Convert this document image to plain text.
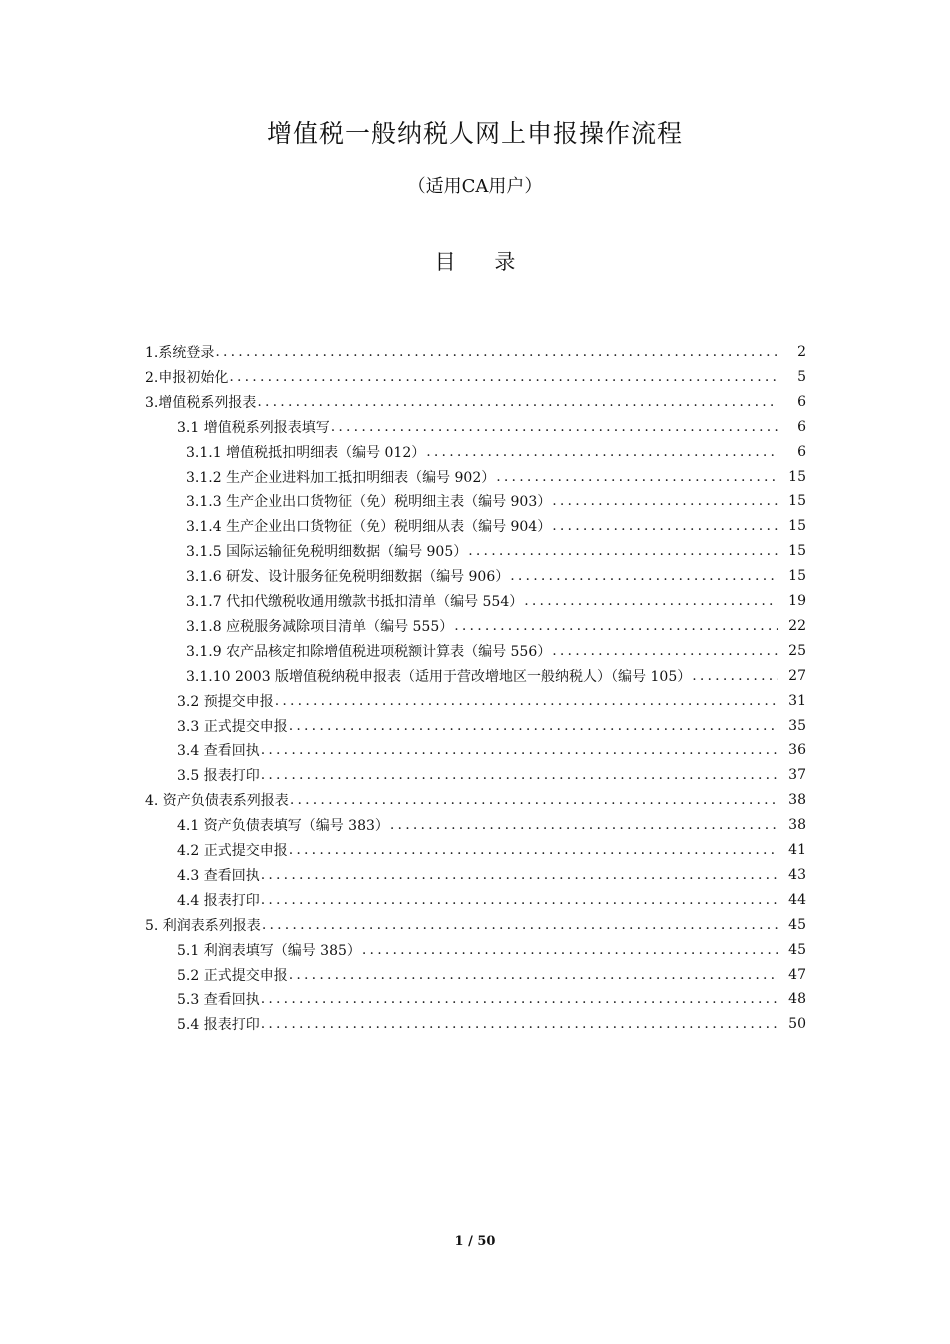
增值税一般纳税人网上申报操作流程
（适用CA用户）
目 录
1.系统登录 .....	2
2.申报初始化 .....	5
3.增值税系列报表 .....	6
3.1 增值税系列报表填写 .....	6
3.1.1 增值税抵扣明细表（编号 012） .....	6
3.1.2 生产企业进料加工抵扣明细表（编号 902） .....	15
3.1.3 生产企业出口货物征（免）税明细主表（编号 903） .....	15
3.1.4 生产企业出口货物征（免）税明细从表（编号 904） .....	15
3.1.5 国际运输征免税明细数据（编号 905） .....	15
3.1.6 研发、设计服务征免税明细数据（编号 906） .....	15
3.1.7 代扣代缴税收通用缴款书抵扣清单（编号 554） .....	19
3.1.8 应税服务减除项目清单（编号 555） .....	22
3.1.9 农产品核定扣除增值税进项税额计算表（编号 556） .....	25
3.1.10 2003 版增值税纳税申报表（适用于营改增地区一般纳税人）（编号 105） .....	27
3.2 预提交申报 .....	31
3.3 正式提交申报 .....	35
3.4 查看回执 .....	36
3.5 报表打印 .....	37
4. 资产负债表系列报表 .....	38
4.1 资产负债表填写（编号 383） .....	38
4.2 正式提交申报 .....	41
4.3 查看回执 .....	43
4.4 报表打印 .....	44
5. 利润表系列报表 .....	45
5.1 利润表填写（编号 385） .....	45
5.2 正式提交申报 .....	47
5.3 查看回执 .....	48
5.4 报表打印 .....	50
1 / 50
